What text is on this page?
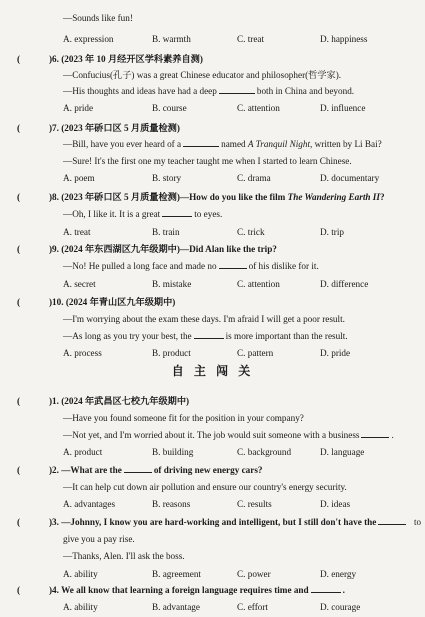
—Sounds like fun!
A. expression	B. warmth	C. treat	D. happiness
(	)6. (2023 年 10 月经开区学科素养自测)
—Confucius(孔子) was a great Chinese educator and philosopher(哲学家).
—His thoughts and ideas have had a deep	both in China and beyond.
A. pride	B. course	C. attention	D. influence
(	)7. (2023 年硚口区 5 月质量检测)
—Bill, have you ever heard of a	named A Tranquil Night, written by Li Bai?
—Sure! It's the first one my teacher taught me when I started to learn Chinese.
A. poem	B. story	C. drama	D. documentary
(	)8. (2023 年硚口区 5 月质量检测)—How do you like the film The Wandering Earth II?
—Oh, I like it. It is a great	to eyes.
A. treat	B. train	C. trick	D. trip
(	)9. (2024 年东西湖区九年级期中)—Did Alan like the trip?
—No! He pulled a long face and made no	of his dislike for it.
A. secret	B. mistake	C. attention	D. difference
(	)10. (2024 年青山区九年级期中)
—I'm worrying about the exam these days. I'm afraid I will get a poor result.
—As long as you try your best, the	is more important than the result.
A. process	B. product	C. pattern	D. pride
自 主 闯 关
(	)1. (2024 年武昌区七校九年级期中)
—Have you found someone fit for the position in your company?
—Not yet, and I'm worried about it. The job would suit someone with a business	.
A. product	B. building	C. background	D. language
(	)2. —What are the	of driving new energy cars?
—It can help cut down air pollution and ensure our country's energy security.
A. advantages	B. reasons	C. results	D. ideas
(	)3. —Johnny, I know you are hard-working and intelligent, but I still don't have the	to
give you a pay rise.
—Thanks, Alen. I'll ask the boss.
A. ability	B. agreement	C. power	D. energy
(	)4. We all know that learning a foreign language requires time and	.
A. ability	B. advantage	C. effort	D. courage
